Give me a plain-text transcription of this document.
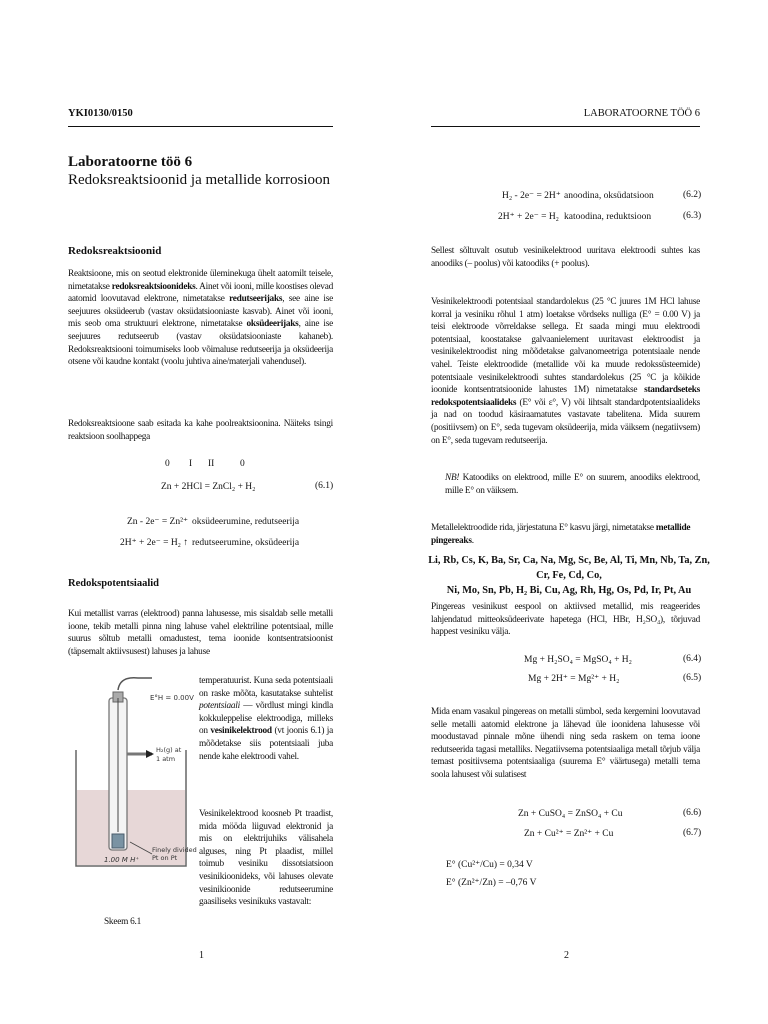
YKI0130/0150
Laboratoorne töö 6
Redoksreaktsioonid ja metallide korrosioon
Redoksreaktsioonid
Reaktsioone, mis on seotud elektronide üleminekuga ühelt aatomilt teisele, nimetatakse redoksreaktsioonideks. Ainet või iooni, mille koostises olevad aatomid loovutavad elektrone, nimetatakse redutseerijaks, see aine ise seejuures oksüdeerub (vastav oksüdatsiooniaste kasvab). Ainet või iooni, mis seob oma struktuuri elektrone, nimetatakse oksüdeerijaks, aine ise seejuures redutseerub (vastav oksüdatsiooniaste kahaneb). Redoksreaktsiooni toimumiseks loob võimaluse redutseerija ja oksüdeerija otsene või kaudne kontakt (voolu juhtiva aine/materjali vahendusel).
Redoksreaktsioone saab esitada ka kahe poolreaktsioonina. Näiteks tsingi reaktsioon soolhappega
0 I II	0
Zn + 2HCl = ZnCl₂ + H₂	(6.1)
Zn - 2e⁻ = Zn²⁺ oksüdeerumine, redutseerija
2H⁺ + 2e⁻ = H₂ ↑ redutseerumine, oksüdeerija
Redokspotentsiaalid
Kui metallist varras (elektrood) panna lahusesse, mis sisaldab selle metalli ioone, tekib metalli pinna ning lahuse vahel elektriline potentsiaal, mille suurus sõltub metalli omadustest, tema ioonide kontsentratsioonist (täpsemalt aktiivsusest) lahuses ja lahuse
E°H = 0.00V
H₂(g) at
1 atm
Finely divided
Pt on Pt
1.00 M H⁺
Skeem 6.1
temperatuurist. Kuna seda potentsiaali on raske mõõta, kasutatakse suhtelist potentsiaali — võrdlust mingi kindla kokkuleppelise elektroodiga, milleks on vesinikelektrood (vt joonis 6.1) ja mõõdetakse siis potentsiaali juba nende kahe elektroodi vahel.
Vesinikelektrood koosneb Pt traadist, mida mööda liiguvad elektronid ja mis on elektrijuhiks välisahela alguses, ning Pt plaadist, millel toimub vesiniku dissotsiatsioon vesinikioonideks, või lahuses olevate vesinikioonide redutseerumine gaasiliseks vesinikuks vastavalt:
1
LABORATOORNE TÖÖ 6
H₂ - 2e⁻ = 2H⁺ anoodina, oksüdatsioon	(6.2)
2H⁺ + 2e⁻ = H₂ katoodina, reduktsioon	(6.3)
Sellest sõltuvalt osutub vesinikelektrood uuritava elektroodi suhtes kas anoodiks (– poolus) või katoodiks (+ poolus).
Vesinikelektroodi potentsiaal standardolekus (25 °C juures 1M HCl lahuse korral ja vesiniku rõhul 1 atm) loetakse võrdseks nulliga (E° = 0.00 V) ja teisi elektroode võrreldakse sellega. Et saada mingi muu elektroodi potentsiaal, koostatakse galvaanielement uuritavast elektroodist ja vesinikelektroodist ning mõõdetakse galvanomeetriga potentsiaale nende vahel. Teiste elektroodide (metallide või ka muude redokssüsteemide) potentsiaale vesinikelektroodi suhtes standardolekus (25 °C ja kõikide ioonide kontsentratsioonide lahustes 1M) nimetatakse standardseteks redokspotentsiaalideks (E° või ε°, V) või lihtsalt standardpotentsiaalideks ja nad on toodud käsiraamatutes vastavate tabelitena. Mida suurem (positiivsem) on E°, seda tugevam oksüdeerija, mida väiksem (negatiivsem) on E°, seda tugevam redutseerija.
NB! Katoodiks on elektrood, mille E° on suurem, anoodiks elektrood, mille E° on väiksem.
Metallelektroodide rida, järjestatuna E° kasvu järgi, nimetatakse metallide pingereaks.
Li, Rb, Cs, K, Ba, Sr, Ca, Na, Mg, Sc, Be, Al, Ti, Mn, Nb, Ta, Zn, Cr, Fe, Cd, Co,
Ni, Mo, Sn, Pb, H₂ Bi, Cu, Ag, Rh, Hg, Os, Pd, Ir, Pt, Au
Pingereas vesinikust eespool on aktiivsed metallid, mis reageerides lahjendatud mitteoksüdeerivate hapetega (HCl, HBr, H₂SO₄), tõrjuvad happest vesiniku välja.
Mg + H₂SO₄ = MgSO₄ + H₂	(6.4)
Mg + 2H⁺ = Mg²⁺ + H₂	(6.5)
Mida enam vasakul pingereas on metalli sümbol, seda kergemini loovutavad selle metalli aatomid elektrone ja lähevad üle ioonidena lahusesse või moodustavad pinnale mõne ühendi ning seda raskem on tema ioone redutseerida tagasi metalliks. Negatiivsema potentsiaaliga metall tõrjub välja temast positiivsema potentsiaaliga (suurema E° väärtusega) metalli tema soola lahusest või sulatisest
Zn + CuSO₄ = ZnSO₄ + Cu	(6.6)
Zn + Cu²⁺ = Zn²⁺ + Cu	(6.7)
E° (Cu²⁺/Cu) = 0,34 V
E° (Zn²⁺/Zn) = –0,76 V
2
